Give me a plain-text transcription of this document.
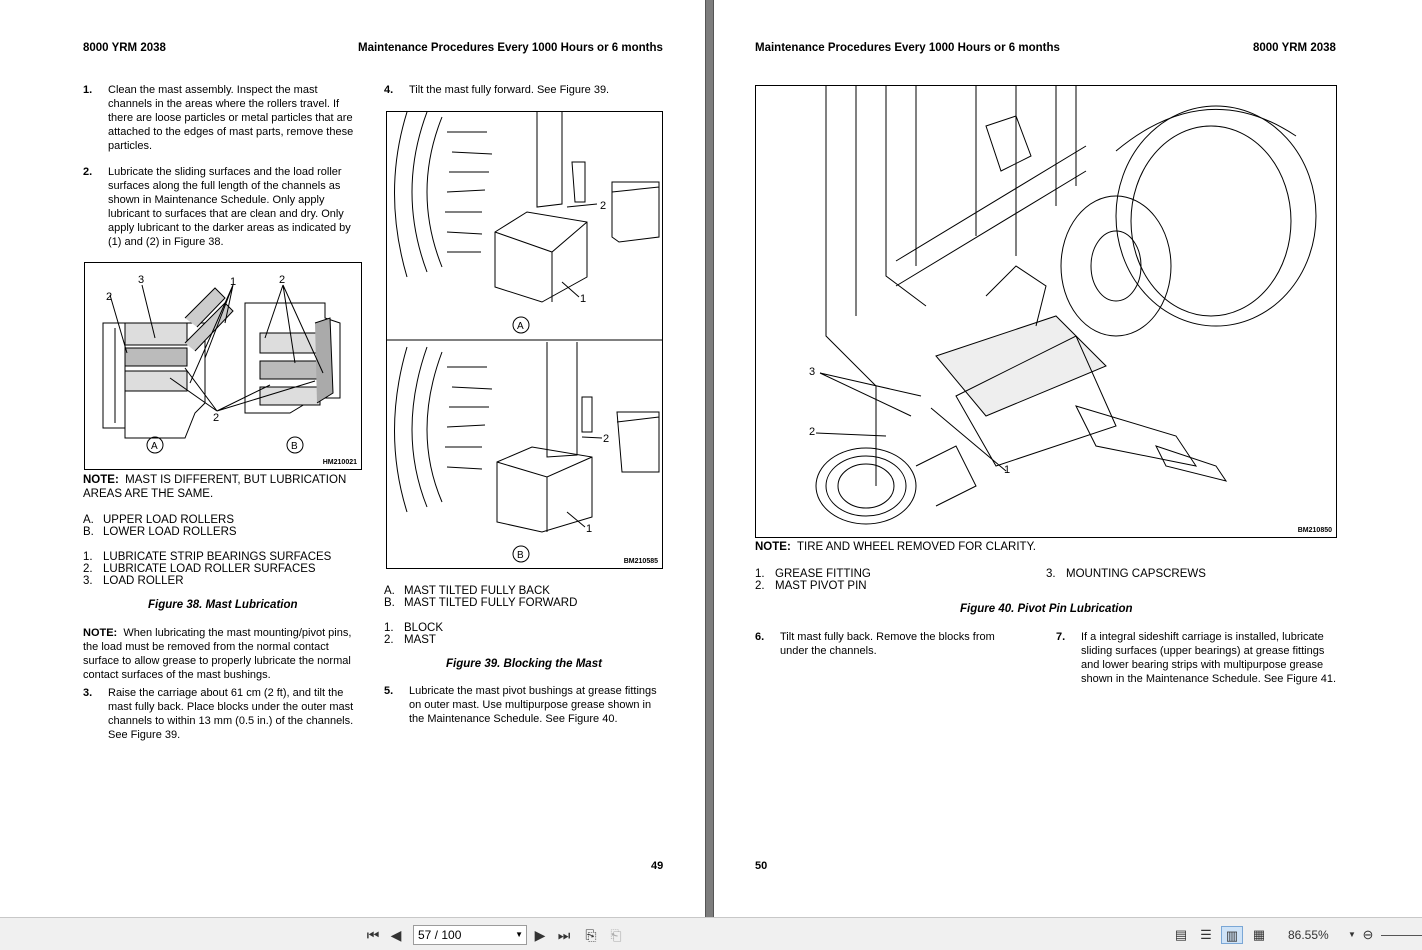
8000 YRM 2038	Maintenance Procedures Every 1000 Hours or 6 months
1. Clean the mast assembly. Inspect the mast channels in the areas where the rollers travel. If there are loose particles or metal particles that are attached to the edges of mast parts, remove these particles.
2. Lubricate the sliding surfaces and the load roller surfaces along the full length of the channels as shown in Maintenance Schedule. Only apply lubricant to surfaces that are clean and dry. Only apply lubricant to the darker areas as indicated by (1) and (2) in Figure 38.
3
2
1	2
2
A	B
HM210021
NOTE: MAST IS DIFFERENT, BUT LUBRICATION AREAS ARE THE SAME.
A. UPPER LOAD ROLLERS
B. LOWER LOAD ROLLERS
1. LUBRICATE STRIP BEARINGS SURFACES
2. LUBRICATE LOAD ROLLER SURFACES
3. LOAD ROLLER
Figure 38. Mast Lubrication
NOTE: When lubricating the mast mounting/pivot pins, the load must be removed from the normal contact surface to allow grease to properly lubricate the normal contact surfaces of the mast bushings.
3. Raise the carriage about 61 cm (2 ft), and tilt the mast fully back. Place blocks under the outer mast channels to within 13 mm (0.5 in.) of the channels. See Figure 39.
4. Tilt the mast fully forward. See Figure 39.
2
1
A
2
1
B
BM210585
A. MAST TILTED FULLY BACK
B. MAST TILTED FULLY FORWARD
1. BLOCK
2. MAST
Figure 39. Blocking the Mast
5. Lubricate the mast pivot bushings at grease fittings on outer mast. Use multipurpose grease shown in the Maintenance Schedule. See Figure 40.
49
Maintenance Procedures Every 1000 Hours or 6 months	8000 YRM 2038
3
2
1
BM210850
NOTE: TIRE AND WHEEL REMOVED FOR CLARITY.
1. GREASE FITTING
2. MAST PIVOT PIN
3. MOUNTING CAPSCREWS
Figure 40. Pivot Pin Lubrication
6. Tilt mast fully back. Remove the blocks from under the channels.
7. If a integral sideshift carriage is installed, lubricate sliding surfaces (upper bearings) at grease fittings and lower bearing strips with multipurpose grease shown in the Maintenance Schedule. See Figure 41.
50
⏮ ◀	57 / 100	▼ ▶ ⏭ ⎘ ⎗	▤ ☰	▥	▦ 86.55% ▼ ⊖
